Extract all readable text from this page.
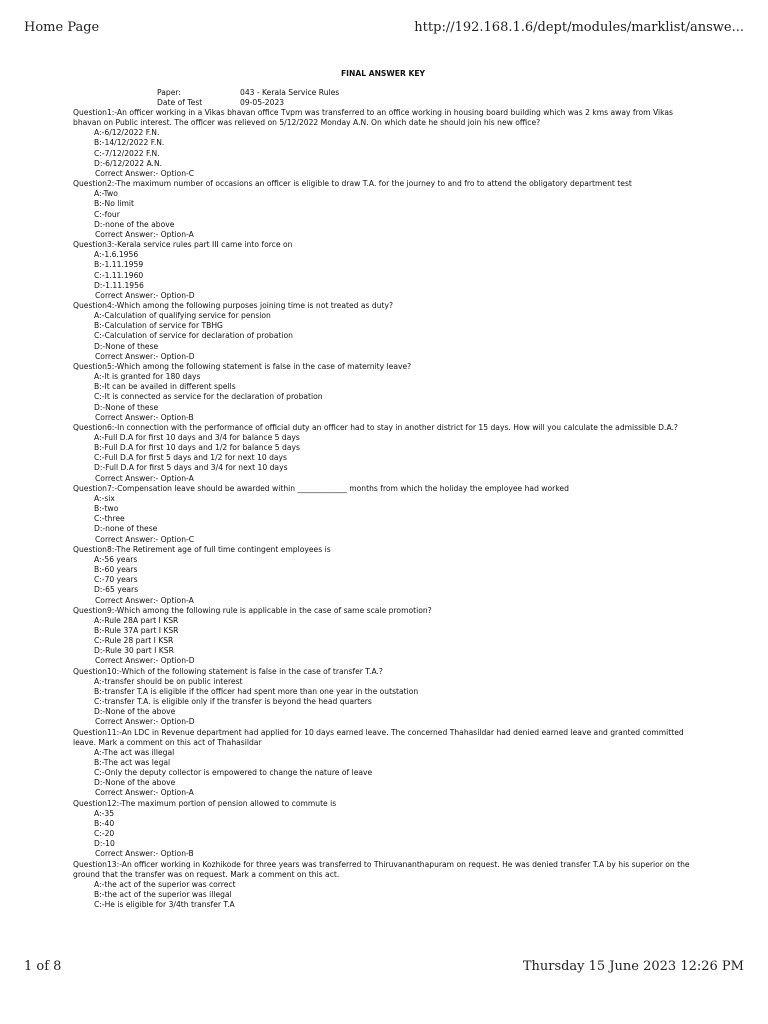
Home Page	http://192.168.1.6/dept/modules/marklist/answe...
FINAL ANSWER KEY
Paper:	043 - Kerala Service Rules
Date of Test	09-05-2023
Question1:-An officer working in a Vikas bhavan office Tvpm was transferred to an office working in housing board building which was 2 kms away from Vikas bhavan on Public interest. The officer was relieved on 5/12/2022 Monday A.N. On which date he should join his new office?
A:-6/12/2022 F.N.
B:-14/12/2022 F.N.
C:-7/12/2022 F.N.
D:-6/12/2022 A.N.
Correct Answer:- Option-C
Question2:-The maximum number of occasions an officer is eligible to draw T.A. for the journey to and fro to attend the obligatory department test
A:-Two
B:-No limit
C:-four
D:-none of the above
Correct Answer:- Option-A
Question3:-Kerala service rules part III came into force on
A:-1.6.1956
B:-1.11.1959
C:-1.11.1960
D:-1.11.1956
Correct Answer:- Option-D
Question4:-Which among the following purposes joining time is not treated as duty?
A:-Calculation of qualifying service for pension
B:-Calculation of service for TBHG
C:-Calculation of service for declaration of probation
D:-None of these
Correct Answer:- Option-D
Question5:-Which among the following statement is false in the case of maternity leave?
A:-It is granted for 180 days
B:-It can be availed in different spells
C:-It is connected as service for the declaration of probation
D:-None of these
Correct Answer:- Option-B
Question6:-In connection with the performance of official duty an officer had to stay in another district for 15 days. How will you calculate the admissible D.A.?
A:-Full D.A for first 10 days and 3/4 for balance 5 days
B:-Full D.A for first 10 days and 1/2 for balance 5 days
C:-Full D.A for first 5 days and 1/2 for next 10 days
D:-Full D.A for first 5 days and 3/4 for next 10 days
Correct Answer:- Option-A
Question7:-Compensation leave should be awarded within _____________ months from which the holiday the employee had worked
A:-six
B:-two
C:-three
D:-none of these
Correct Answer:- Option-C
Question8:-The Retirement age of full time contingent employees is
A:-56 years
B:-60 years
C:-70 years
D:-65 years
Correct Answer:- Option-A
Question9:-Which among the following rule is applicable in the case of same scale promotion?
A:-Rule 28A part I KSR
B:-Rule 37A part I KSR
C:-Rule 28 part I KSR
D:-Rule 30 part I KSR
Correct Answer:- Option-D
Question10:-Which of the following statement is false in the case of transfer T.A.?
A:-transfer should be on public interest
B:-transfer T.A is eligible if the officer had spent more than one year in the outstation
C:-transfer T.A. is eligible only if the transfer is beyond the head quarters
D:-None of the above
Correct Answer:- Option-D
Question11:-An LDC in Revenue department had applied for 10 days earned leave. The concerned Thahasildar had denied earned leave and granted committed leave. Mark a comment on this act of Thahasildar
A:-The act was illegal
B:-The act was legal
C:-Only the deputy collector is empowered to change the nature of leave
D:-None of the above
Correct Answer:- Option-A
Question12:-The maximum portion of pension allowed to commute is
A:-35
B:-40
C:-20
D:-10
Correct Answer:- Option-B
Question13:-An officer working in Kozhikode for three years was transferred to Thiruvananthapuram on request. He was denied transfer T.A by his superior on the ground that the transfer was on request. Mark a comment on this act.
A:-the act of the superior was correct
B:-the act of the superior was illegal
C:-He is eligible for 3/4th transfer T.A
1 of 8	Thursday 15 June 2023 12:26 PM
